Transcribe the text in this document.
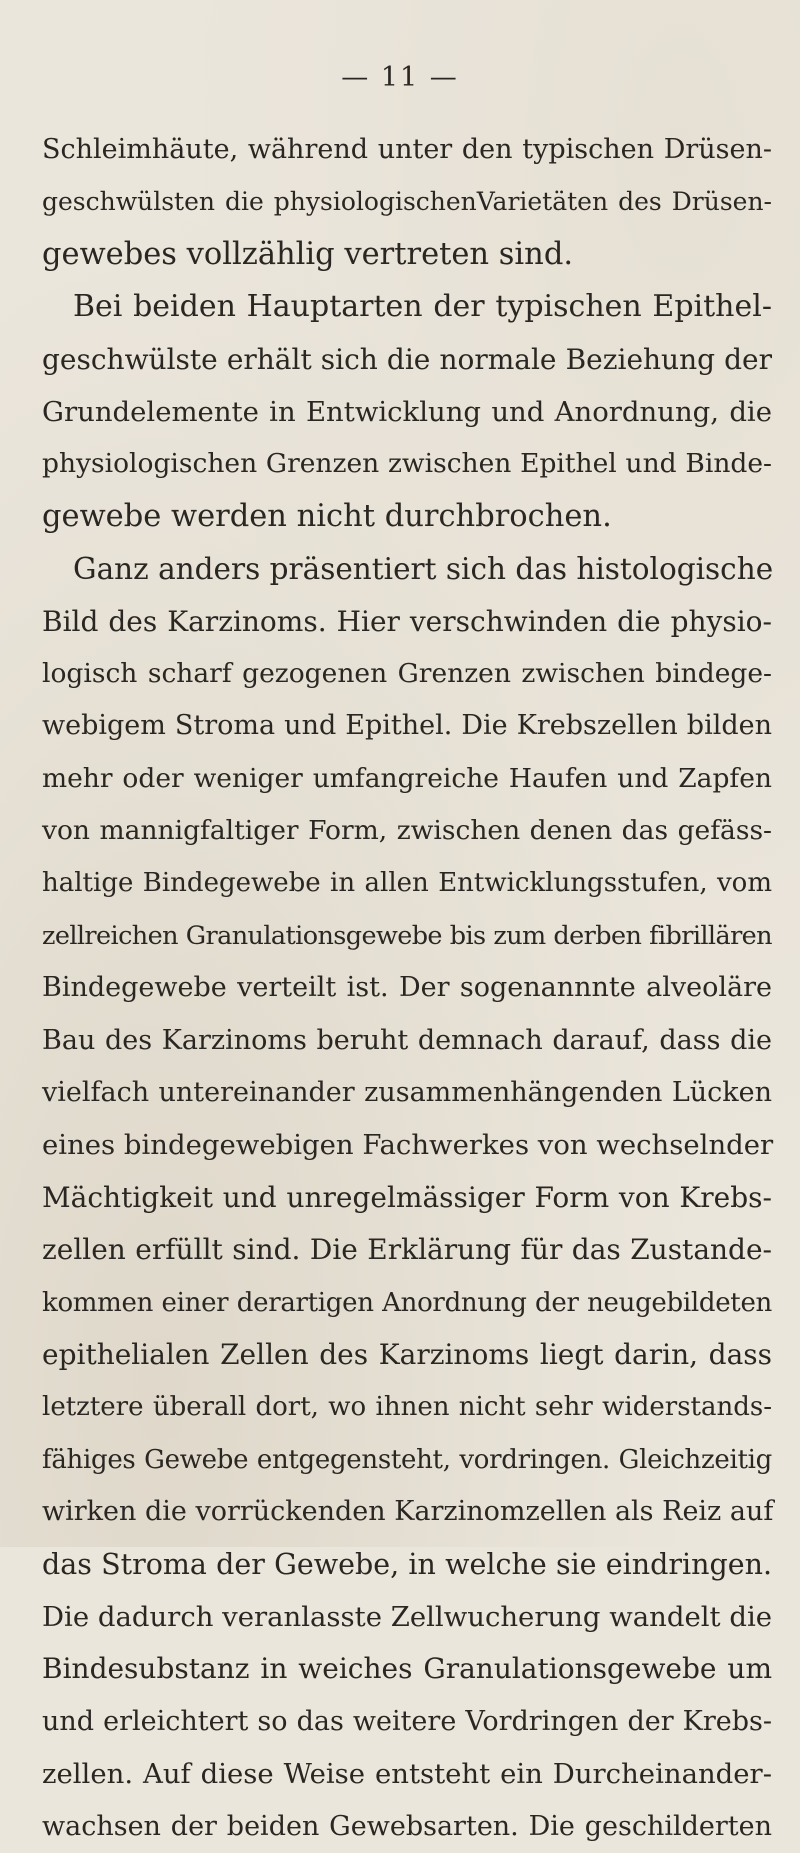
— 11 —
Schleimhäute, während unter den typischen Drüsen-
geschwülsten die physiologischenVarietäten des Drüsen-
gewebes vollzählig vertreten sind.
Bei beiden Hauptarten der typischen Epithel-
geschwülste erhält sich die normale Beziehung der
Grundelemente in Entwicklung und Anordnung, die
physiologischen Grenzen zwischen Epithel und Binde-
gewebe werden nicht durchbrochen.
Ganz anders präsentiert sich das histologische
Bild des Karzinoms. Hier verschwinden die physio-
logisch scharf gezogenen Grenzen zwischen bindege-
webigem Stroma und Epithel. Die Krebszellen bilden
mehr oder weniger umfangreiche Haufen und Zapfen
von mannigfaltiger Form, zwischen denen das gefäss-
haltige Bindegewebe in allen Entwicklungsstufen, vom
zellreichen Granulationsgewebe bis zum derben fibrillären
Bindegewebe verteilt ist. Der sogenannnte alveoläre
Bau des Karzinoms beruht demnach darauf, dass die
vielfach untereinander zusammenhängenden Lücken
eines bindegewebigen Fachwerkes von wechselnder
Mächtigkeit und unregelmässiger Form von Krebs-
zellen erfüllt sind. Die Erklärung für das Zustande-
kommen einer derartigen Anordnung der neugebildeten
epithelialen Zellen des Karzinoms liegt darin, dass
letztere überall dort, wo ihnen nicht sehr widerstands-
fähiges Gewebe entgegensteht, vordringen. Gleichzeitig
wirken die vorrückenden Karzinomzellen als Reiz auf
das Stroma der Gewebe, in welche sie eindringen.
Die dadurch veranlasste Zellwucherung wandelt die
Bindesubstanz in weiches Granulationsgewebe um
und erleichtert so das weitere Vordringen der Krebs-
zellen. Auf diese Weise entsteht ein Durcheinander-
wachsen der beiden Gewebsarten. Die geschilderten
